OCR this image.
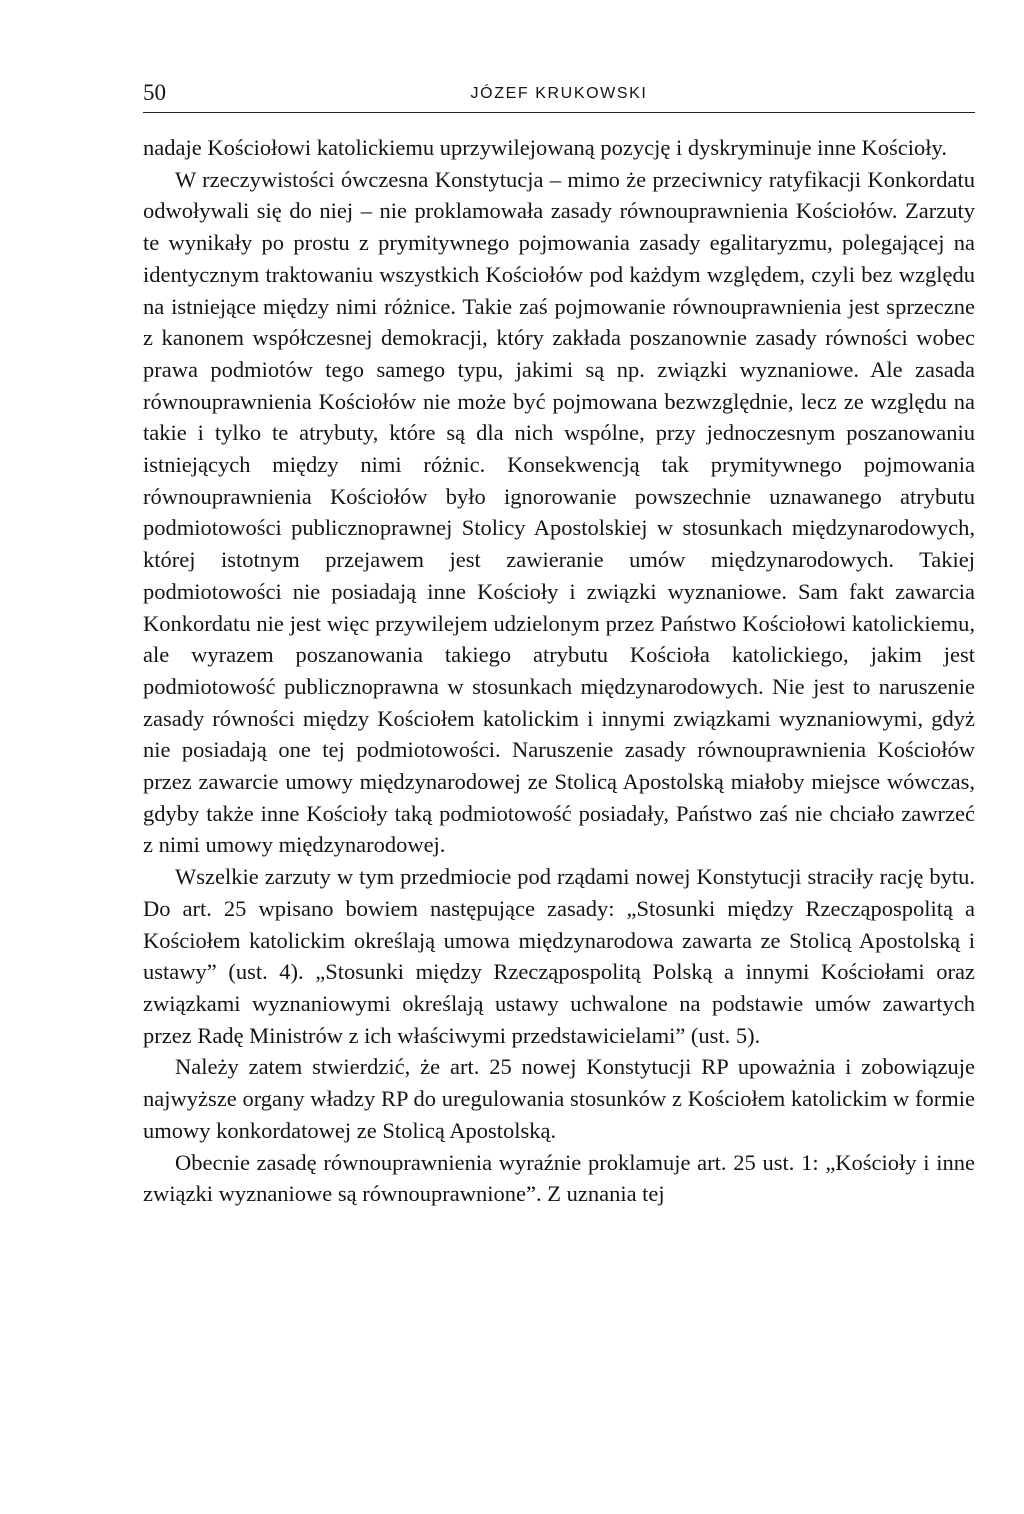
50	JÓZEF KRUKOWSKI

nadaje Kościołowi katolickiemu uprzywilejowaną pozycję i dyskryminuje inne Kościoły.

W rzeczywistości ówczesna Konstytucja – mimo że przeciwnicy ratyfikacji Konkordatu odwoływali się do niej – nie proklamowała zasady równouprawnienia Kościołów. Zarzuty te wynikały po prostu z prymitywnego pojmowania zasady egalitaryzmu, polegającej na identycznym traktowaniu wszystkich Kościołów pod każdym względem, czyli bez względu na istniejące między nimi różnice. Takie zaś pojmowanie równouprawnienia jest sprzeczne z kanonem współczesnej demokracji, który zakłada poszanownie zasady równości wobec prawa podmiotów tego samego typu, jakimi są np. związki wyznaniowe. Ale zasada równouprawnienia Kościołów nie może być pojmowana bezwzględnie, lecz ze względu na takie i tylko te atrybuty, które są dla nich wspólne, przy jednoczesnym poszanowaniu istniejących między nimi różnic. Konsekwencją tak prymitywnego pojmowania równouprawnienia Kościołów było ignorowanie powszechnie uznawanego atrybutu podmiotowości publicznoprawnej Stolicy Apostolskiej w stosunkach międzynarodowych, której istotnym przejawem jest zawieranie umów międzynarodowych. Takiej podmiotowości nie posiadają inne Kościoły i związki wyznaniowe. Sam fakt zawarcia Konkordatu nie jest więc przywilejem udzielonym przez Państwo Kościołowi katolickiemu, ale wyrazem poszanowania takiego atrybutu Kościoła katolickiego, jakim jest podmiotowość publicznoprawna w stosunkach międzynarodowych. Nie jest to naruszenie zasady równości między Kościołem katolickim i innymi związkami wyznaniowymi, gdyż nie posiadają one tej podmiotowości. Naruszenie zasady równouprawnienia Kościołów przez zawarcie umowy międzynarodowej ze Stolicą Apostolską miałoby miejsce wówczas, gdyby także inne Kościoły taką podmiotowość posiadały, Państwo zaś nie chciało zawrzeć z nimi umowy międzynarodowej.

Wszelkie zarzuty w tym przedmiocie pod rządami nowej Konstytucji straciły rację bytu. Do art. 25 wpisano bowiem następujące zasady: „Stosunki między Rzecząpospolitą a Kościołem katolickim określają umowa międzynarodowa zawarta ze Stolicą Apostolską i ustawy” (ust. 4). „Stosunki między Rzecząpospolitą Polską a innymi Kościołami oraz związkami wyznaniowymi określają ustawy uchwalone na podstawie umów zawartych przez Radę Ministrów z ich właściwymi przedstawicielami” (ust. 5).

Należy zatem stwierdzić, że art. 25 nowej Konstytucji RP upoważnia i zobowiązuje najwyższe organy władzy RP do uregulowania stosunków z Kościołem katolickim w formie umowy konkordatowej ze Stolicą Apostolską.

Obecnie zasadę równouprawnienia wyraźnie proklamuje art. 25 ust. 1: „Kościoły i inne związki wyznaniowe są równouprawnione”. Z uznania tej
